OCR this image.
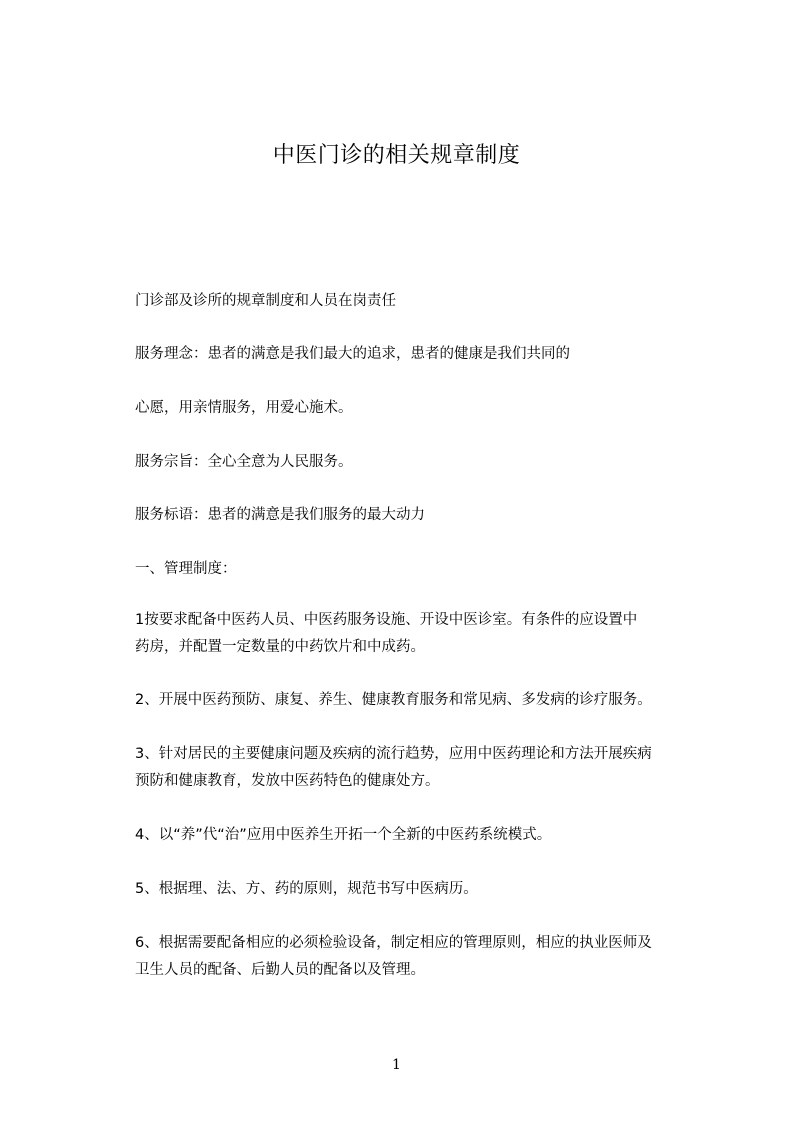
中医门诊的相关规章制度
门诊部及诊所的规章制度和人员在岗责任
服务理念：患者的满意是我们最大的追求，患者的健康是我们共同的
心愿，用亲情服务，用爱心施术。
服务宗旨：全心全意为人民服务。
服务标语：患者的满意是我们服务的最大动力
一、管理制度：
1按要求配备中医药人员、中医药服务设施、开设中医诊室。有条件的应设置中
药房，并配置一定数量的中药饮片和中成药。
2、开展中医药预防、康复、养生、健康教育服务和常见病、多发病的诊疗服务。
3、针对居民的主要健康问题及疾病的流行趋势，应用中医药理论和方法开展疾病
预防和健康教育，发放中医药特色的健康处方。
4、以“养”代“治”应用中医养生开拓一个全新的中医药系统模式。
5、根据理、法、方、药的原则，规范书写中医病历。
6、根据需要配备相应的必须检验设备，制定相应的管理原则，相应的执业医师及
卫生人员的配备、后勤人员的配备以及管理。
1
